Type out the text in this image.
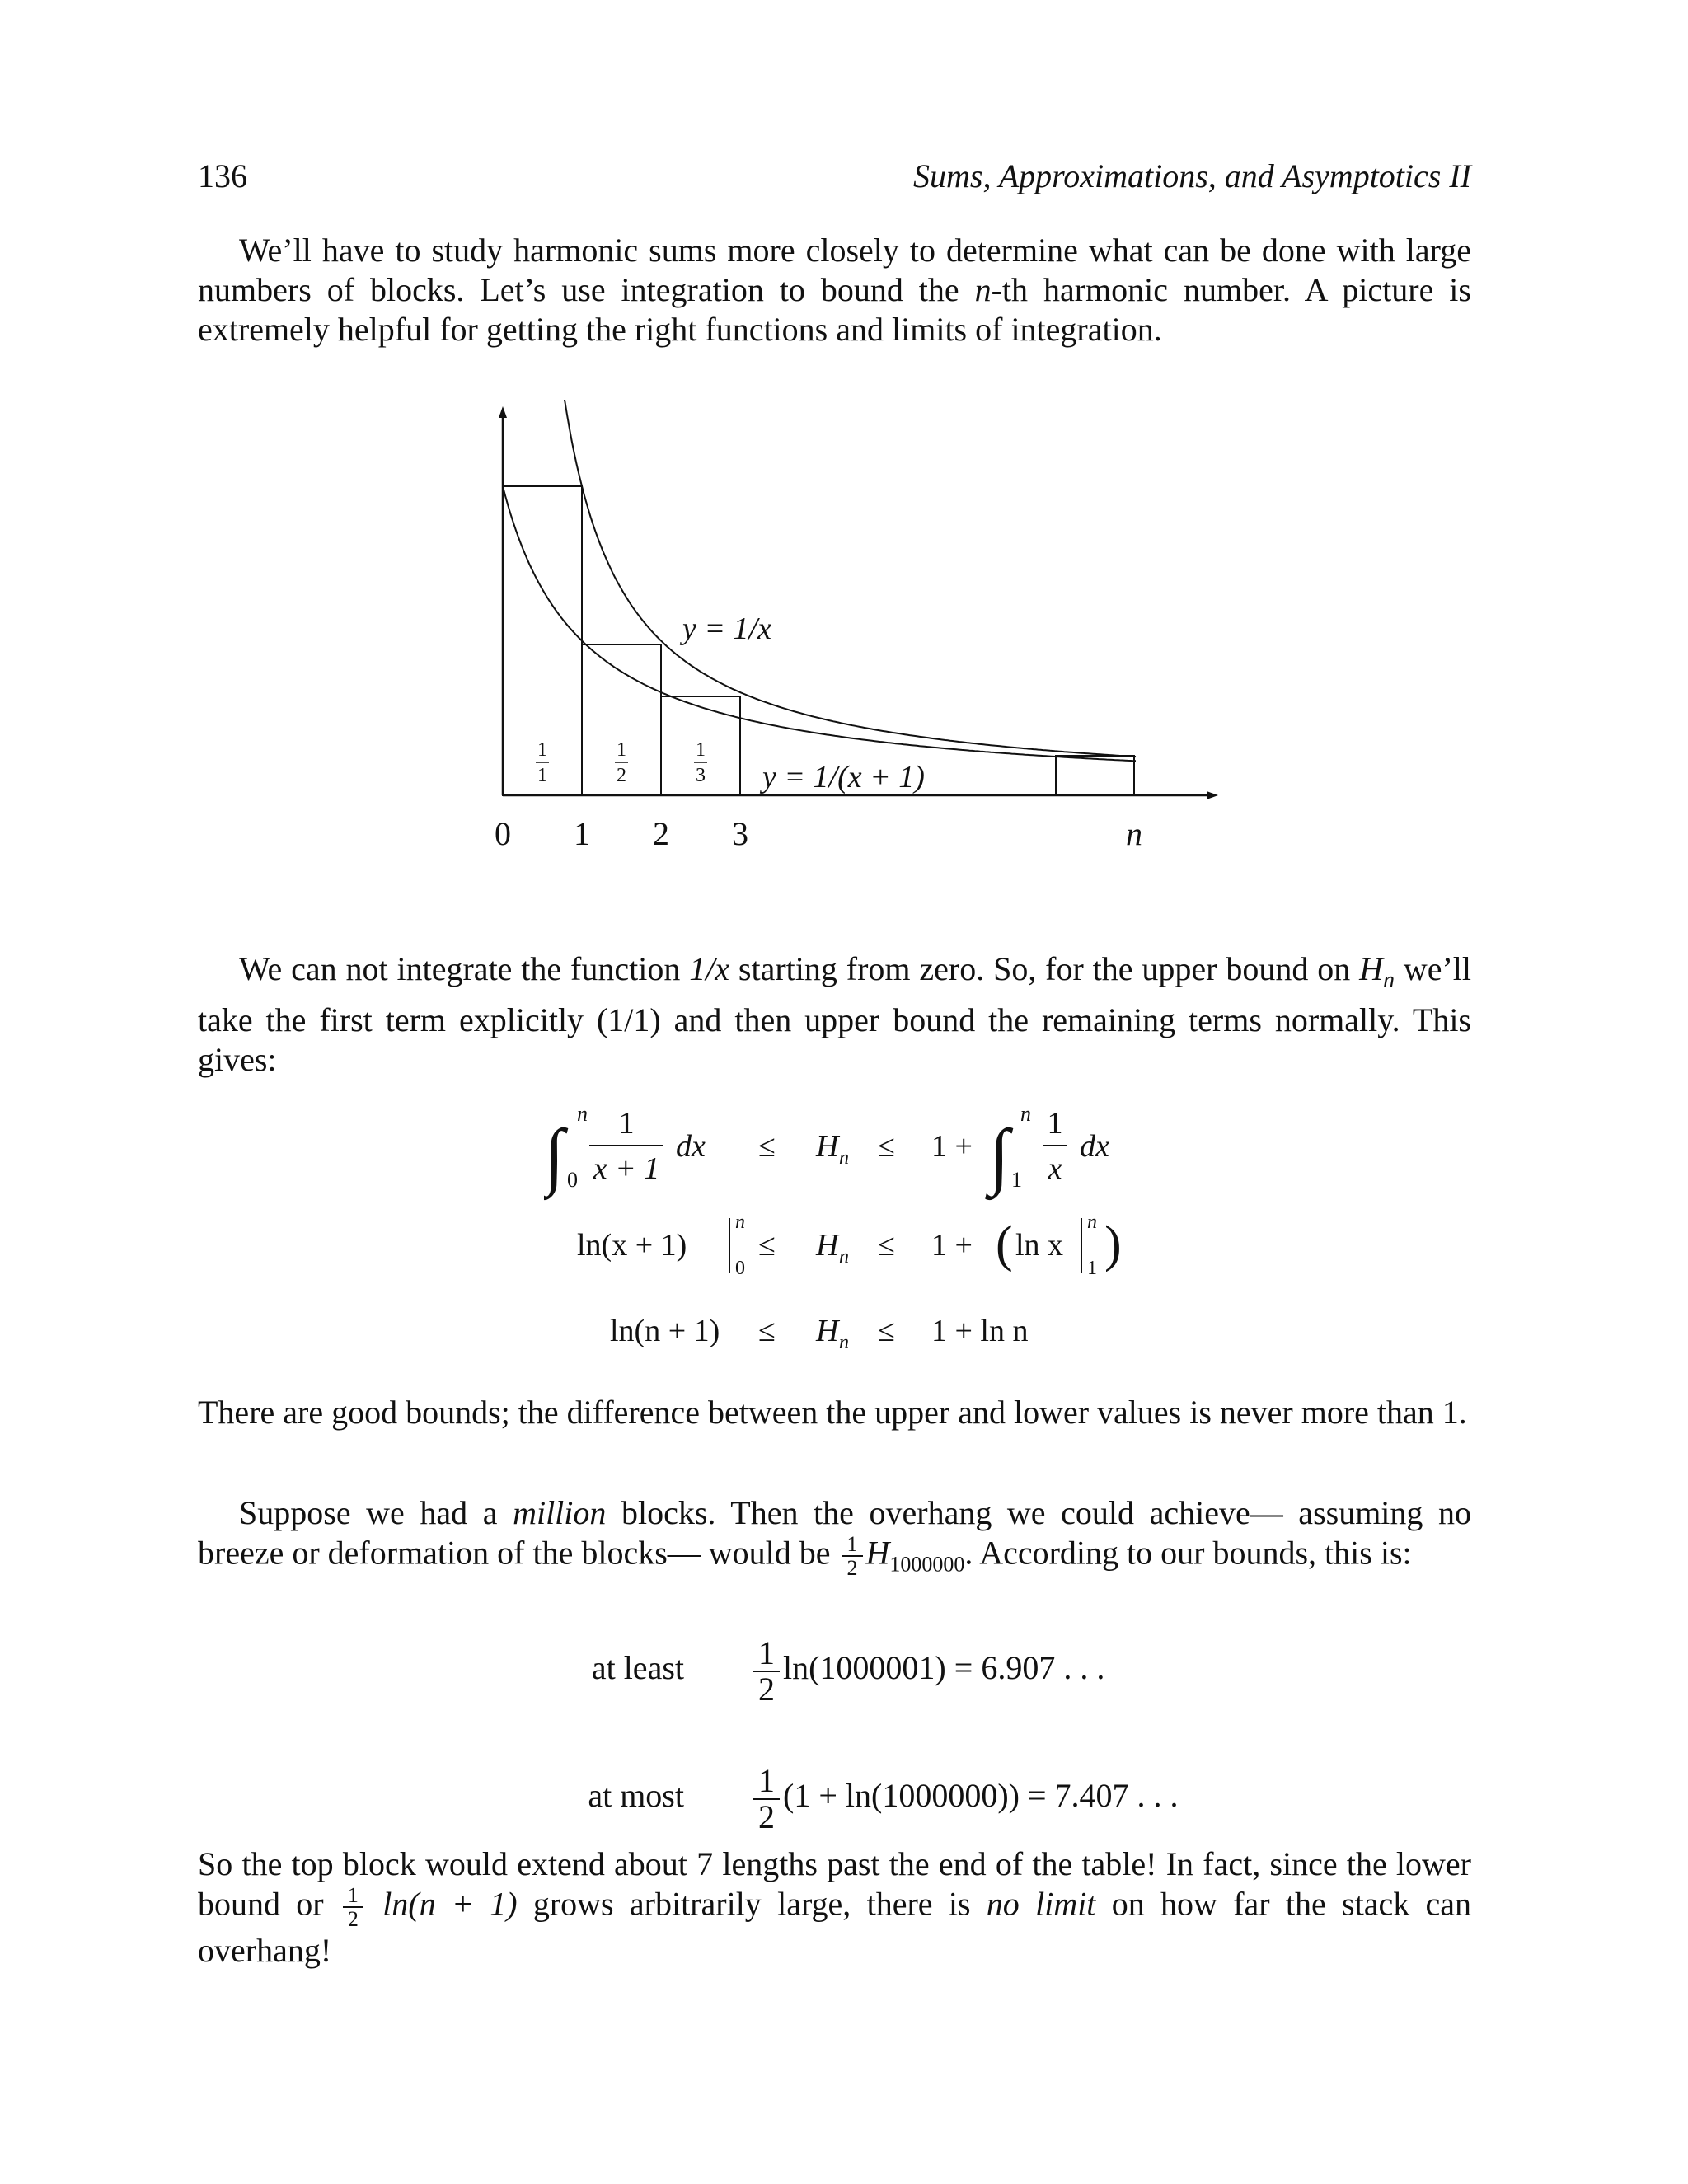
136	Sums, Approximations, and Asymptotics II
We’ll have to study harmonic sums more closely to determine what can be done with large numbers of blocks. Let’s use integration to bound the n-th harmonic number. A picture is extremely helpful for getting the right functions and limits of integration.
y = 1/x
y = 1/(x + 1)
1
1
1
2
1
3
0 1 2 3	n
We can not integrate the function 1/x starting from zero. So, for the upper bound on $H_n$ we’ll take the first term explicitly (1/1) and then upper bound the remaining terms normally. This gives:
∫
n
0
1
x + 1
dx ≤ H n ≤ 1 + ∫
n
1
1
x
dx
ln(x + 1)
n
0
≤ H n ≤ 1 + ( ln x
n
1 )
ln(n + 1) ≤ H n ≤ 1 + ln n
There are good bounds; the difference between the upper and lower values is never more than 1.
Suppose we had a million blocks. Then the overhang we could achieve— assuming no breeze or deformation of the blocks— would be $\frac{1}{2} H_{1000000}$. According to our bounds, this is:
at least $\frac{1}{2} \ln(1000001) = 6.907$ . . .
at most $\frac{1}{2} (1 + \ln(1000000)) = 7.407$ . . .
So the top block would extend about 7 lengths past the end of the table! In fact, since the lower bound or $\frac{1}{2} \ln(n + 1)$ grows arbitrarily large, there is no limit on how far the stack can overhang!
